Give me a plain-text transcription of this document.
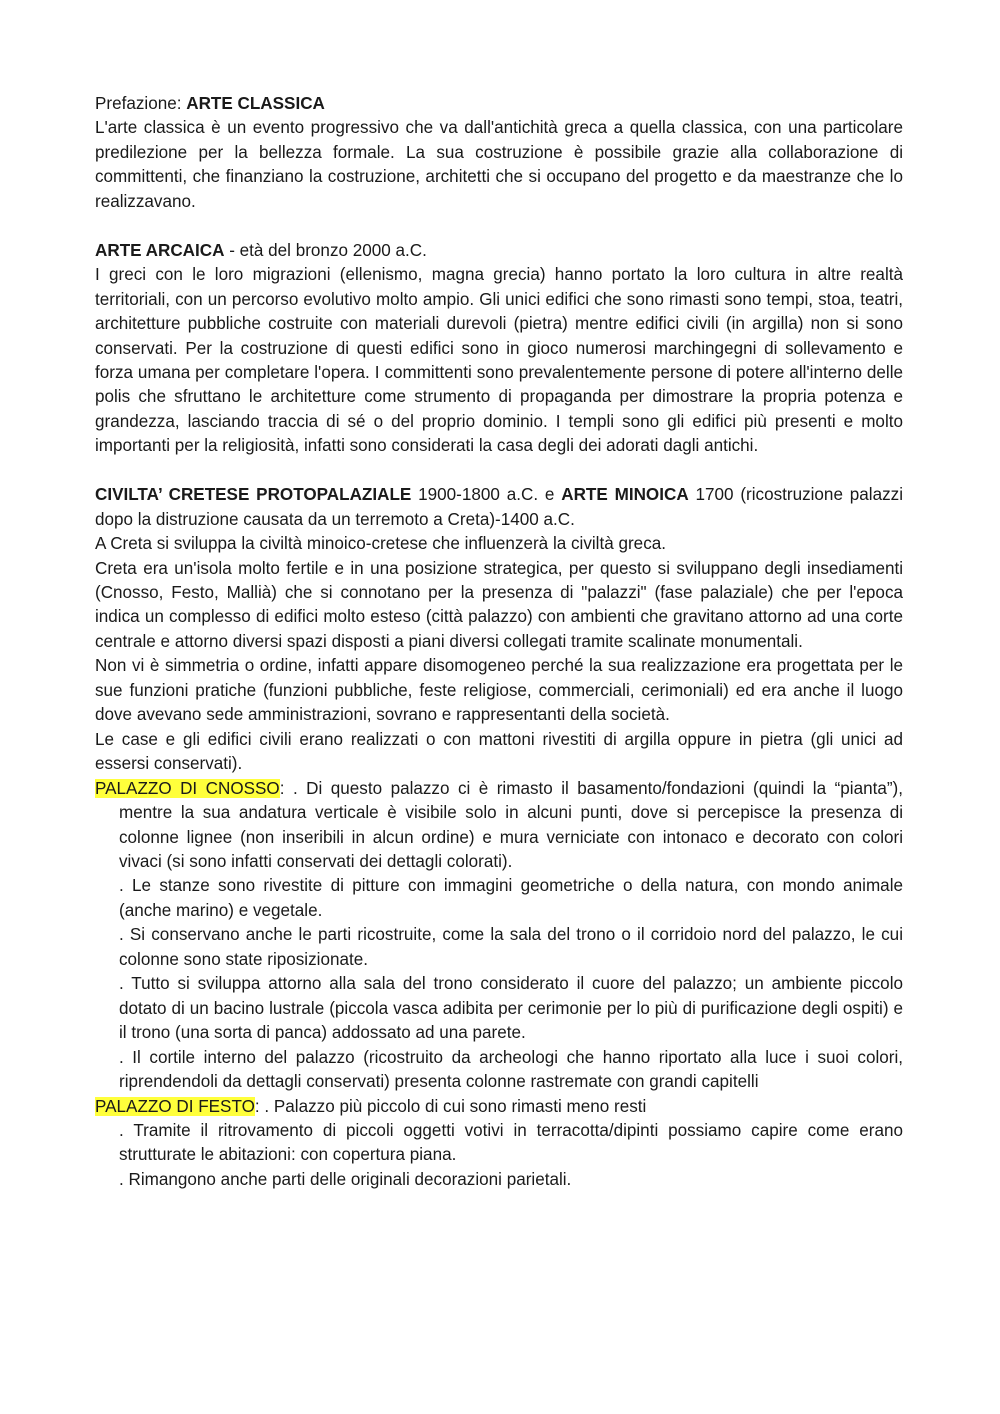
Prefazione: ARTE CLASSICA

L'arte classica è un evento progressivo che va dall'antichità greca a quella classica, con una particolare predilezione per la bellezza formale. La sua costruzione è possibile grazie alla collaborazione di committenti, che finanziano la costruzione, architetti che si occupano del progetto e da maestranze che lo realizzavano.

ARTE ARCAICA - età del bronzo 2000 a.C.

I greci con le loro migrazioni (ellenismo, magna grecia) hanno portato la loro cultura in altre realtà territoriali, con un percorso evolutivo molto ampio. Gli unici edifici che sono rimasti sono tempi, stoa, teatri, architetture pubbliche costruite con materiali durevoli (pietra) mentre edifici civili (in argilla) non si sono conservati. Per la costruzione di questi edifici sono in gioco numerosi marchingegni di sollevamento e forza umana per completare l'opera. I committenti sono prevalentemente persone di potere all'interno delle polis che sfruttano le architetture come strumento di propaganda per dimostrare la propria potenza e grandezza, lasciando traccia di sé o del proprio dominio. I templi sono gli edifici più presenti e molto importanti per la religiosità, infatti sono considerati la casa degli dei adorati dagli antichi.

CIVILTA’ CRETESE PROTOPALAZIALE 1900-1800 a.C. e ARTE MINOICA 1700 (ricostruzione palazzi dopo la distruzione causata da un terremoto a Creta)-1400 a.C.

A Creta si sviluppa la civiltà minoico-cretese che influenzerà la civiltà greca.

Creta era un'isola molto fertile e in una posizione strategica, per questo si sviluppano degli insediamenti (Cnosso, Festo, Mallià) che si connotano per la presenza di "palazzi" (fase palaziale) che per l'epoca indica un complesso di edifici molto esteso (città palazzo) con ambienti che gravitano attorno ad una corte centrale e attorno diversi spazi disposti a piani diversi collegati tramite scalinate monumentali.

Non vi è simmetria o ordine, infatti appare disomogeneo perché la sua realizzazione era progettata per le sue funzioni pratiche (funzioni pubbliche, feste religiose, commerciali, cerimoniali) ed era anche il luogo dove avevano sede amministrazioni, sovrano e rappresentanti della società.

Le case e gli edifici civili erano realizzati o con mattoni rivestiti di argilla oppure in pietra (gli unici ad essersi conservati).

PALAZZO DI CNOSSO: . Di questo palazzo ci è rimasto il basamento/fondazioni (quindi la “pianta”), mentre la sua andatura verticale è visibile solo in alcuni punti, dove si percepisce la presenza di colonne lignee (non inseribili in alcun ordine) e mura verniciate con intonaco e decorato con colori vivaci (si sono infatti conservati dei dettagli colorati).

. Le stanze sono rivestite di pitture con immagini geometriche o della natura, con mondo animale (anche marino) e vegetale.

. Si conservano anche le parti ricostruite, come la sala del trono o il corridoio nord del palazzo, le cui colonne sono state riposizionate.

. Tutto si sviluppa attorno alla sala del trono considerato il cuore del palazzo; un ambiente piccolo dotato di un bacino lustrale (piccola vasca adibita per cerimonie per lo più di purificazione degli ospiti) e il trono (una sorta di panca) addossato ad una parete.

. Il cortile interno del palazzo (ricostruito da archeologi che hanno riportato alla luce i suoi colori, riprendendoli da dettagli conservati) presenta colonne rastremate con grandi capitelli

PALAZZO DI FESTO: . Palazzo più piccolo di cui sono rimasti meno resti

. Tramite il ritrovamento di piccoli oggetti votivi in terracotta/dipinti possiamo capire come erano strutturate le abitazioni: con copertura piana.

. Rimangono anche parti delle originali decorazioni parietali.
